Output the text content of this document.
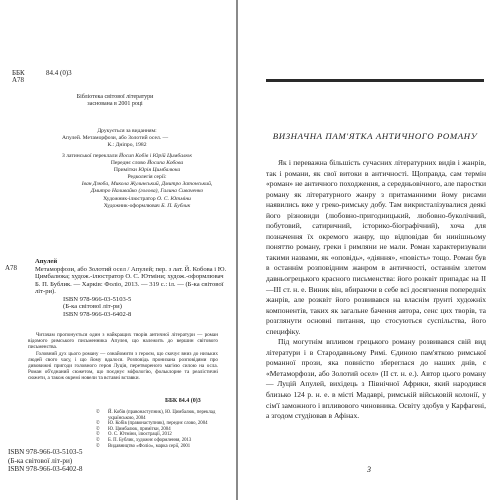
ББК	84.4 (0)3
А78
Бібліотека світової літератури
заснована в 2001 році
Друкується за виданням:
Апулей. Метаморфози, або Золотий осел. —
К.: Дніпро, 1982
З латинської переклали Йосип Кобів і Юрій Цимбалюк
Переднє слово Йосипа Кобова
Примітки Юрія Цимбалюка
Редколегія серії:
Іван Дзюба, Микола Жулинський, Дмитро Затонський,
Дмитро Наливайко (голова), Галина Сиваченко
Художник-ілюстратор О. С. Ютміни
Художник-оформлювач Б. П. Бублик
А78
Апулей
Метаморфози, або Золотий осел / Апулей; пер. з лат. Й. Кобова і Ю. Цимбалюка; худож.-ілюстратор О. С. Ютміни; худож.-оформлювач Б. П. Бублик. — Харків: Фоліо, 2013. — 319 с.: іл. — (Б-ка світової літ-ри).
ISBN 978-966-03-5103-5
(Б-ка світової літ-ри)
ISBN 978-966-03-6402-8

Читачам пропонується один з найкращих творів античної літератури — роман відомого римського письменника Апулея, що належить до вершин світового письменства.

Головний дух цього роману — ознайомити з героєм, що скочує вниз до низьких людей свого часу, і що йому вдалося. Розповідь пронизана розповідями про дивовижні пригоди головного героя Луція, перетвореного магією силою на осла. Роман об'єднаний сюжетом, що поєднує міфологію, фольклорне та реалістичні сюжети, а також окремі новели та вставні вставки.

ББК 84.4 (0)3
©	Й. Кобів (правонаступник), Ю. Цимбалюк, переклад українською, 2004
©	Ю. Кобів (правонаступник), переднє слово, 2004
©	Ю. Цимбалюк, примітки, 2004
©	О. С. Ютміни, ілюстрації, 2012
©	Б. П. Бублик, художнє оформлення, 2013
©	Видавництво «Фоліо», марка серії, 2001
ISBN 978-966-03-5103-5
(Б-ка світової літ-ри)
ISBN 978-966-03-6402-8
ВИЗНАЧНА ПАМ'ЯТКА АНТИЧНОГО РОМАНУ

Як і переважна більшість сучасних літературних видів і жанрів, так і романи, як свої витоки в античності. Щоправда, сам термін «роман» не античного походження, а середньовічного, але паростки роману як літературного жанру з притаманними йому рисами наявились вже у греко-римську добу. Там викристалізувалися деякі його різновиди (любовно-пригодницький, любовно-буколічний, побутовий, сатиричний, історико-біографічний), хоча для позначення їх окремого жанру, що відповідав би нинішньому поняттю роману, греки і римляни не мали. Роман характеризували такими назвами, як «оповідь», «діяння», «повість» тощо. Роман був в останнім розповідним жанром в античності, останнім злетом давньогрецького красного письменства: його розквіт припадає на II—III ст. н. е. Виник він, вбираючи в себе всі досягнення попередніх жанрів, але розквіт його розвивався на власнім ґрунті художніх компонентів, таких як загальне бачення автора, сенс цих творів, та розглянути основні питання, що стосуються суспільства, його специфіку.

Під могутнім впливом грецького роману розвивався свій вид літератури і в Стародавньому Римі. Єдиною пам'яткою римської романної прози, яка повністю збереглася до наших днів, є «Метаморфози, або Золотий осел» (II ст. н. е.). Автор цього роману — Луцій Апулей, вихідець з Північної Африки, який народився близько 124 р. н. е. в місті Мадаврі, римській військовій колонії, у сім'ї заможного і впливового чиновника. Освіту здобув у Карфагені, а згодом студіював в Афінах.

3
